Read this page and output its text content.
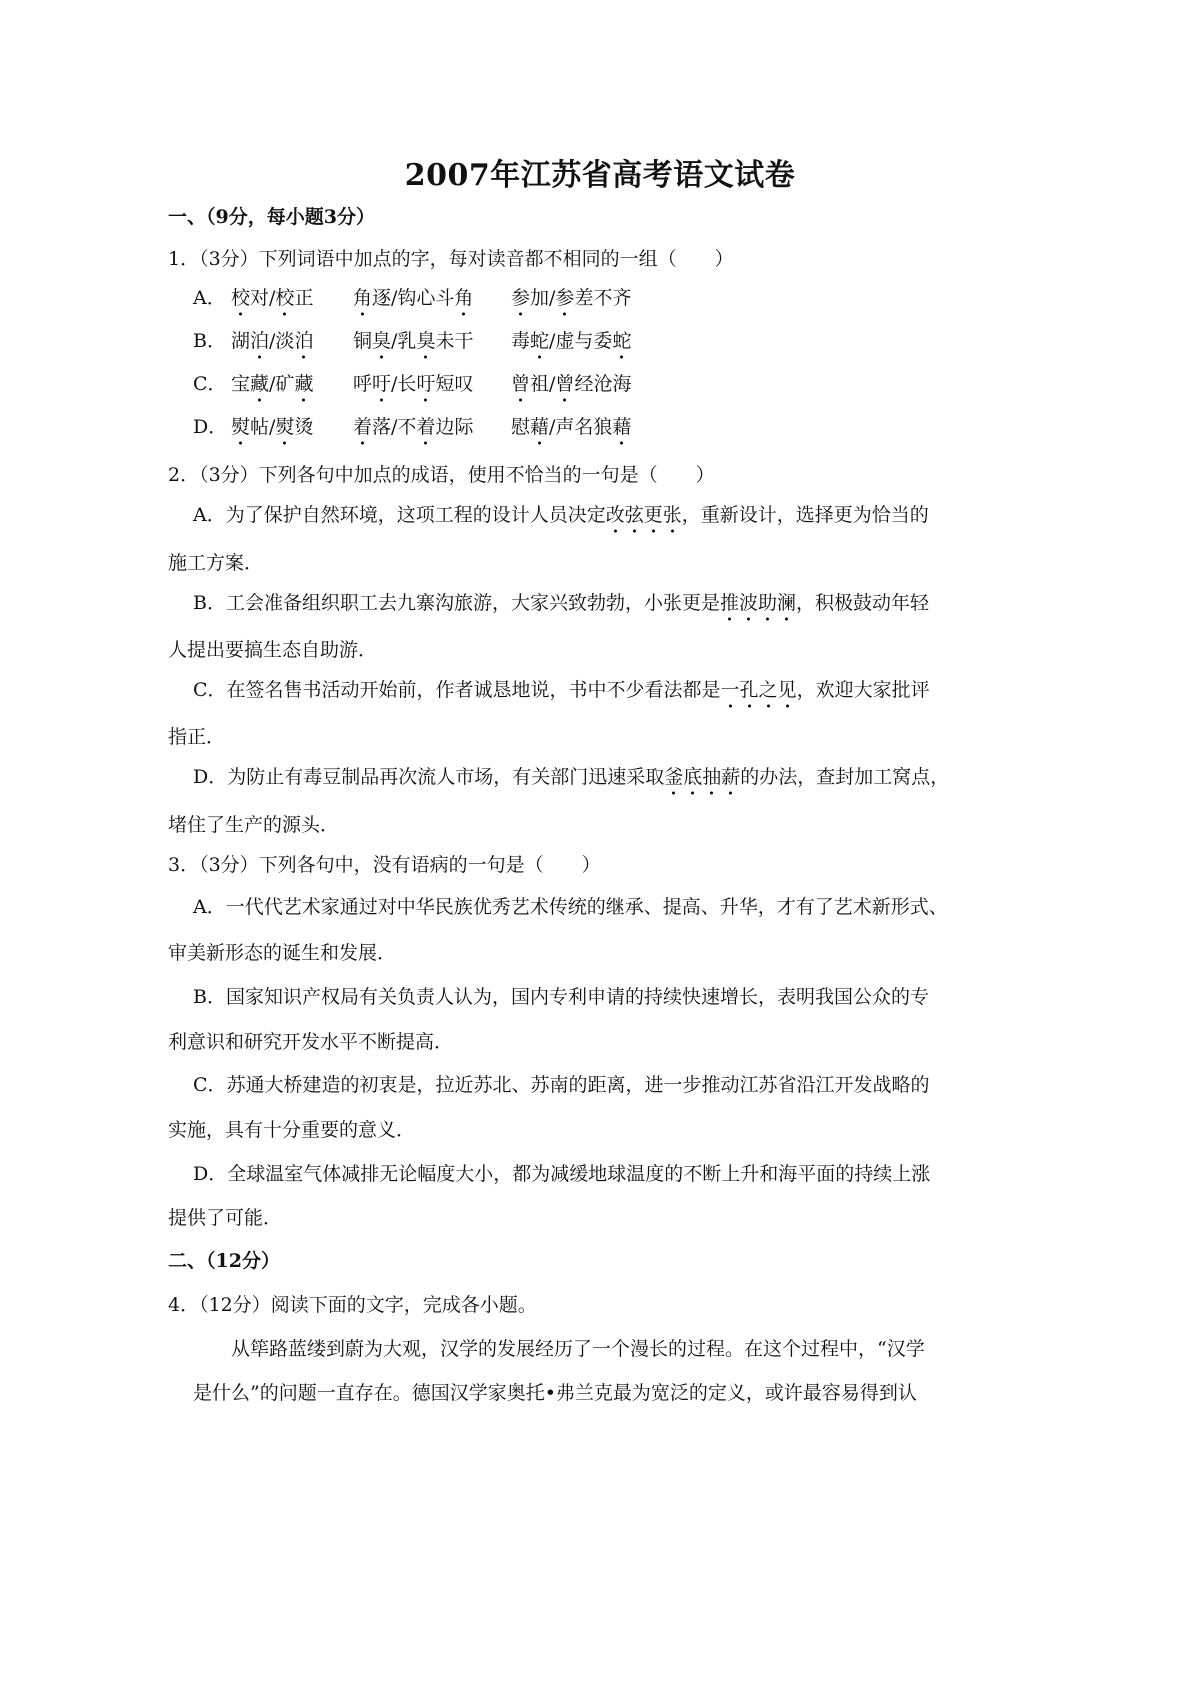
2007年江苏省高考语文试卷
一、（9分，每小题3分）
1．（3分）下列词语中加点的字，每对读音都不相同的一组（　　）
A． 校对/校正 角逐/钩心斗角 参加/参差不齐
B． 湖泊/淡泊 铜臭/乳臭未干 毒蛇/虚与委蛇
C． 宝藏/矿藏 呼吁/长吁短叹 曾祖/曾经沧海
D． 熨帖/熨烫 着落/不着边际 慰藉/声名狼藉
2．（3分）下列各句中加点的成语，使用不恰当的一句是（　　）
A．为了保护自然环境，这项工程的设计人员决定改弦更张，重新设计，选择更为恰当的
施工方案．
B．工会准备组织职工去九寨沟旅游，大家兴致勃勃，小张更是推波助澜，积极鼓动年轻
人提出要搞生态自助游．
C．在签名售书活动开始前，作者诚恳地说，书中不少看法都是一孔之见，欢迎大家批评
指正．
D．为防止有毒豆制品再次流人市场，有关部门迅速采取釜底抽薪的办法，查封加工窝点，
堵住了生产的源头．
3．（3分）下列各句中，没有语病的一句是（　　）
A．一代代艺术家通过对中华民族优秀艺术传统的继承、提高、升华，才有了艺术新形式、
审美新形态的诞生和发展．
B．国家知识产权局有关负责人认为，国内专利申请的持续快速增长，表明我国公众的专
利意识和研究开发水平不断提高．
C．苏通大桥建造的初衷是，拉近苏北、苏南的距离，进一步推动江苏省沿江开发战略的
实施，具有十分重要的意义．
D．全球温室气体减排无论幅度大小，都为减缓地球温度的不断上升和海平面的持续上涨
提供了可能．
二、（12分）
4．（12分）阅读下面的文字，完成各小题。
从筚路蓝缕到蔚为大观，汉学的发展经历了一个漫长的过程。在这个过程中，“汉学
是什么”的问题一直存在。德国汉学家奥托•弗兰克最为宽泛的定义，或许最容易得到认
